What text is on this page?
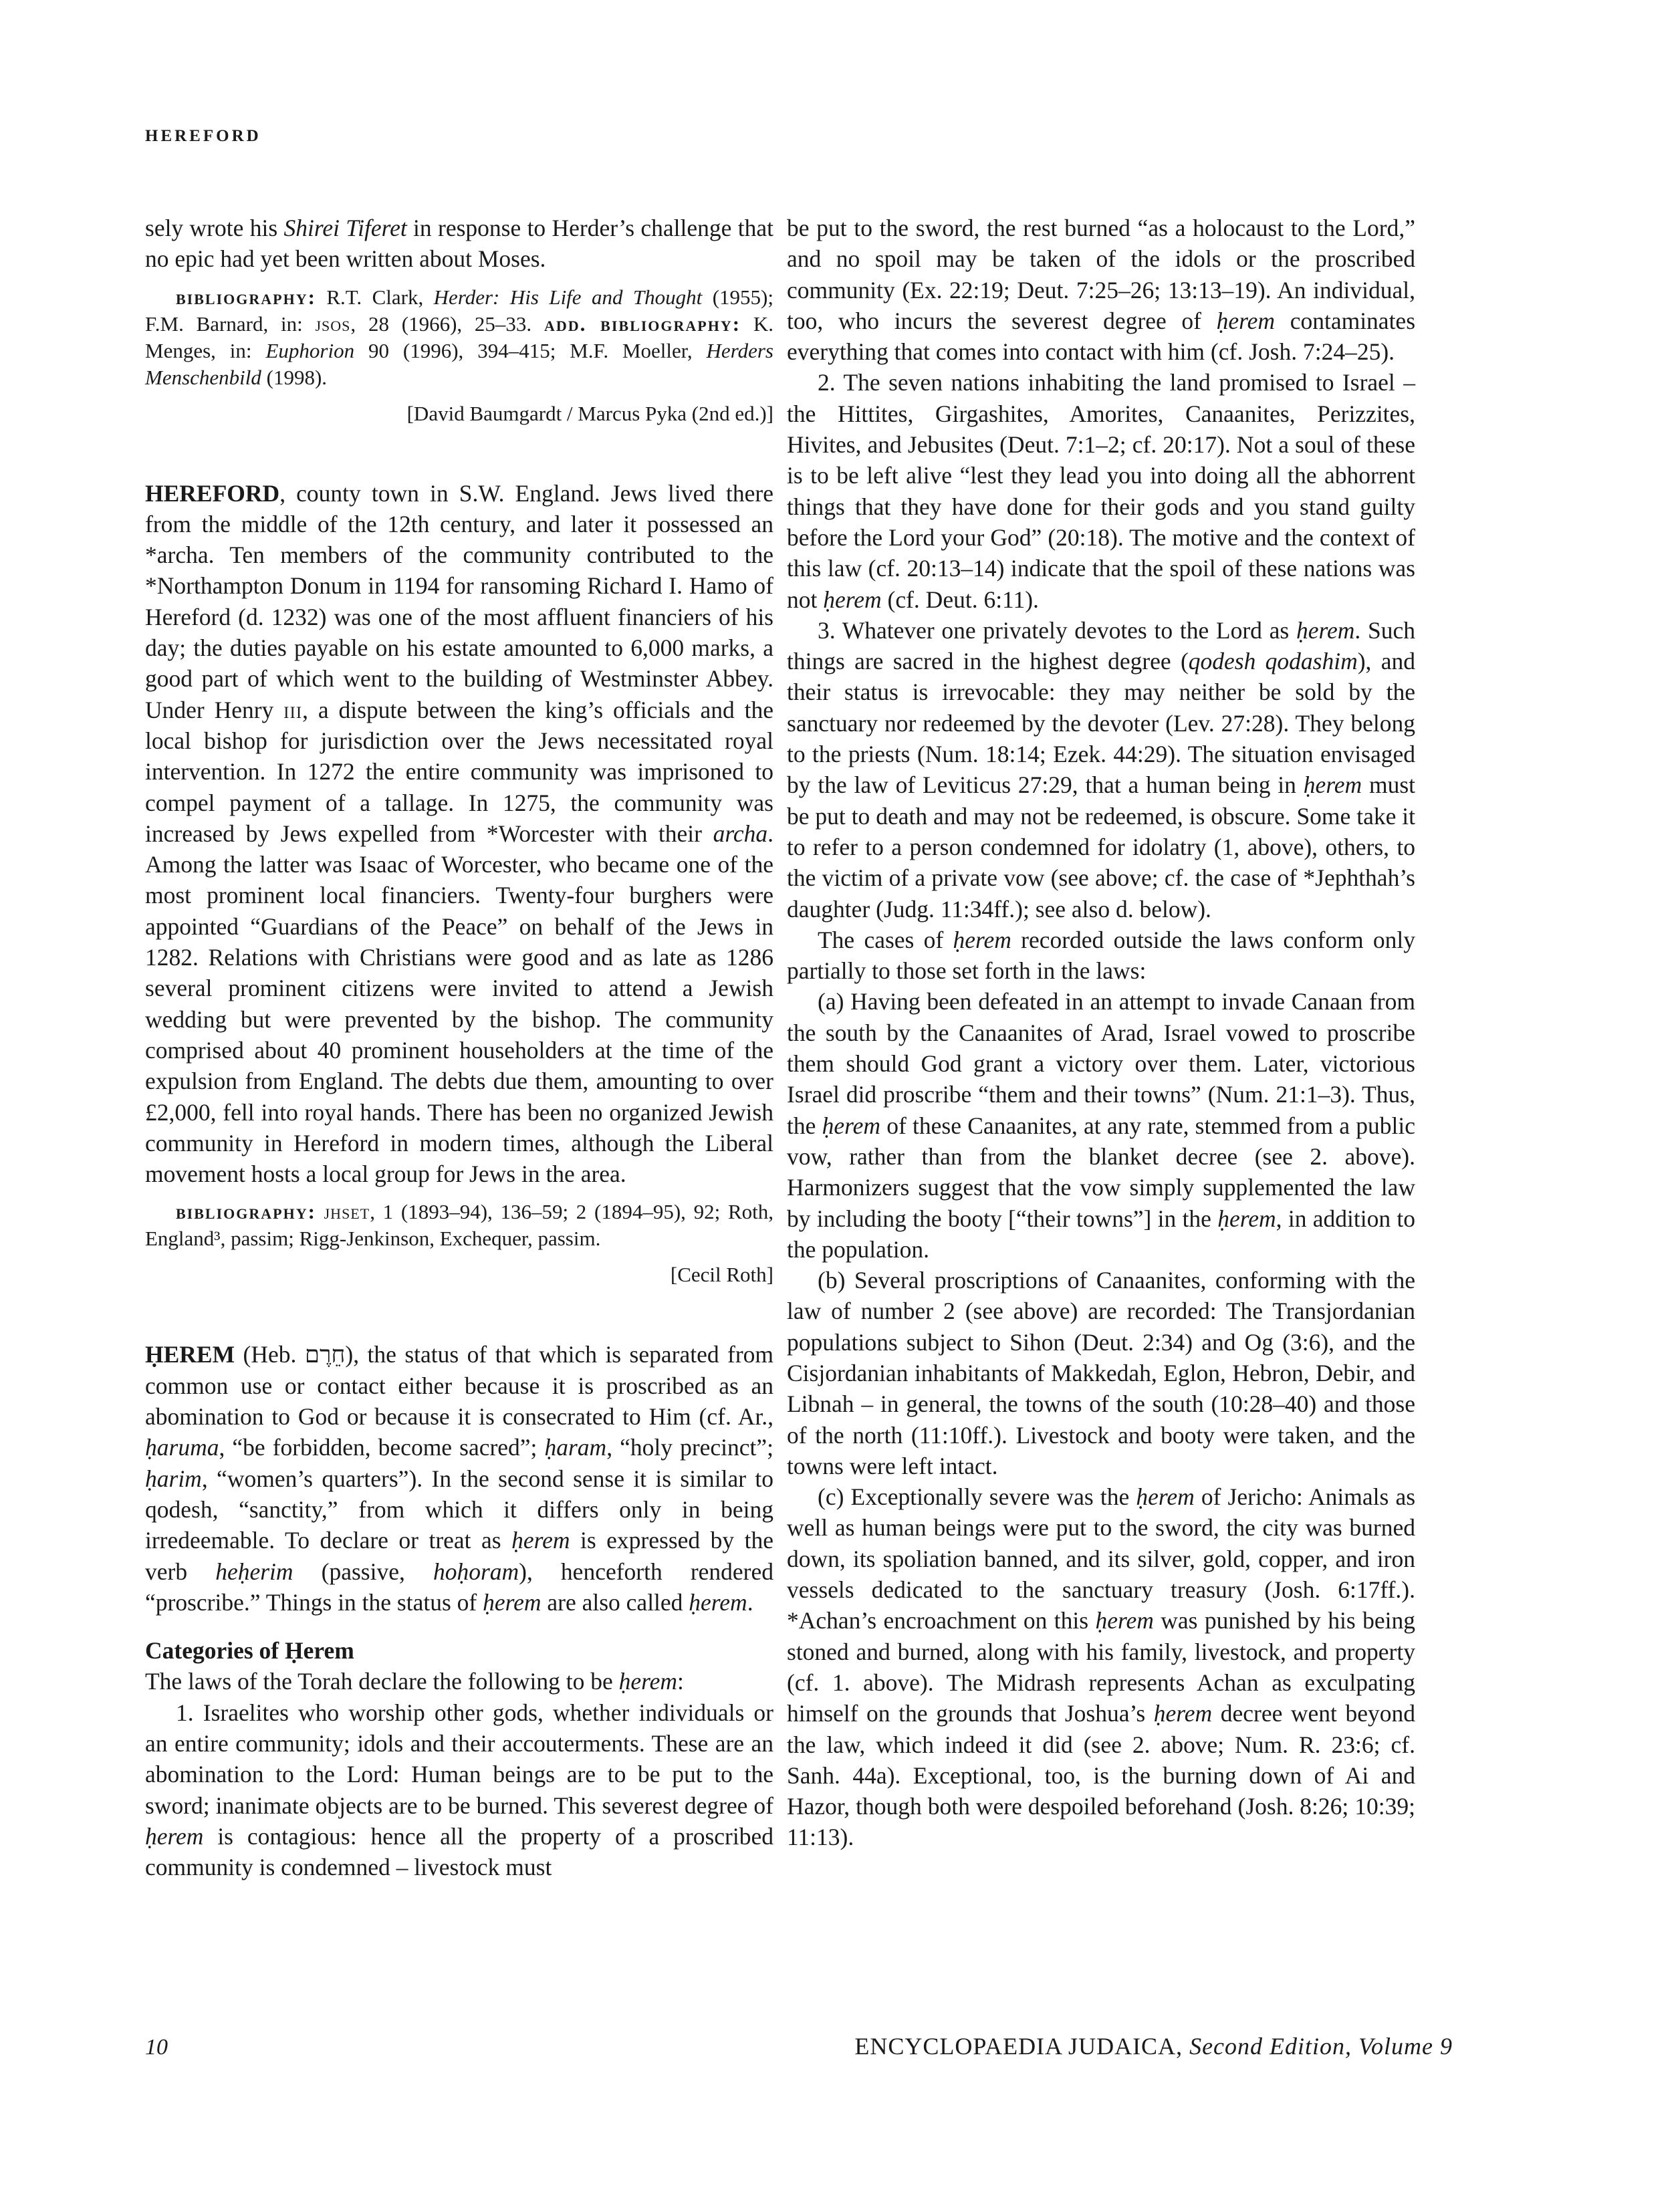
HEREFORD

sely wrote his Shirei Tiferet in response to Herder’s challenge that no epic had yet been written about Moses.

bibliography: R.T. Clark, Herder: His Life and Thought (1955); F.M. Barnard, in: jsos, 28 (1966), 25–33. add. bibliography: K. Menges, in: Euphorion 90 (1996), 394–415; M.F. Moeller, Herders Menschenbild (1998).

[David Baumgardt / Marcus Pyka (2nd ed.)]

HEREFORD, county town in S.W. England. Jews lived there from the middle of the 12th century, and later it possessed an *archa. Ten members of the community contributed to the *Northampton Donum in 1194 for ransoming Richard I. Hamo of Hereford (d. 1232) was one of the most affluent financiers of his day; the duties payable on his estate amounted to 6,000 marks, a good part of which went to the building of Westminster Abbey. Under Henry iii, a dispute between the king’s officials and the local bishop for jurisdiction over the Jews necessitated royal intervention. In 1272 the entire community was imprisoned to compel payment of a tallage. In 1275, the community was increased by Jews expelled from *Worcester with their archa. Among the latter was Isaac of Worcester, who became one of the most prominent local financiers. Twenty-four burghers were appointed “Guardians of the Peace” on behalf of the Jews in 1282. Relations with Christians were good and as late as 1286 several prominent citizens were invited to attend a Jewish wedding but were prevented by the bishop. The community comprised about 40 prominent householders at the time of the expulsion from England. The debts due them, amounting to over £2,000, fell into royal hands. There has been no organized Jewish community in Hereford in modern times, although the Liberal movement hosts a local group for Jews in the area.

bibliography: jhset, 1 (1893–94), 136–59; 2 (1894–95), 92; Roth, England³, passim; Rigg-Jenkinson, Exchequer, passim.

[Cecil Roth]

ḤEREM (Heb. חֵרֶם), the status of that which is separated from common use or contact either because it is proscribed as an abomination to God or because it is consecrated to Him (cf. Ar., ḥaruma, “be forbidden, become sacred”; ḥaram, “holy precinct”; ḥarim, “women’s quarters”). In the second sense it is similar to qodesh, “sanctity,” from which it differs only in being irredeemable. To declare or treat as ḥerem is expressed by the verb heḥerim (passive, hoḥoram), henceforth rendered “proscribe.” Things in the status of ḥerem are also called ḥerem.

Categories of Ḥerem

The laws of the Torah declare the following to be ḥerem:

1. Israelites who worship other gods, whether individuals or an entire community; idols and their accouterments. These are an abomination to the Lord: Human beings are to be put to the sword; inanimate objects are to be burned. This severest degree of ḥerem is contagious: hence all the property of a proscribed community is condemned – livestock must

be put to the sword, the rest burned “as a holocaust to the Lord,” and no spoil may be taken of the idols or the proscribed community (Ex. 22:19; Deut. 7:25–26; 13:13–19). An individual, too, who incurs the severest degree of ḥerem contaminates everything that comes into contact with him (cf. Josh. 7:24–25).

2. The seven nations inhabiting the land promised to Israel – the Hittites, Girgashites, Amorites, Canaanites, Perizzites, Hivites, and Jebusites (Deut. 7:1–2; cf. 20:17). Not a soul of these is to be left alive “lest they lead you into doing all the abhorrent things that they have done for their gods and you stand guilty before the Lord your God” (20:18). The motive and the context of this law (cf. 20:13–14) indicate that the spoil of these nations was not ḥerem (cf. Deut. 6:11).

3. Whatever one privately devotes to the Lord as ḥerem. Such things are sacred in the highest degree (qodesh qodashim), and their status is irrevocable: they may neither be sold by the sanctuary nor redeemed by the devoter (Lev. 27:28). They belong to the priests (Num. 18:14; Ezek. 44:29). The situation envisaged by the law of Leviticus 27:29, that a human being in ḥerem must be put to death and may not be redeemed, is obscure. Some take it to refer to a person condemned for idolatry (1, above), others, to the victim of a private vow (see above; cf. the case of *Jephthah’s daughter (Judg. 11:34ff.); see also d. below).

The cases of ḥerem recorded outside the laws conform only partially to those set forth in the laws:

(a) Having been defeated in an attempt to invade Canaan from the south by the Canaanites of Arad, Israel vowed to proscribe them should God grant a victory over them. Later, victorious Israel did proscribe “them and their towns” (Num. 21:1–3). Thus, the ḥerem of these Canaanites, at any rate, stemmed from a public vow, rather than from the blanket decree (see 2. above). Harmonizers suggest that the vow simply supplemented the law by including the booty [“their towns”] in the ḥerem, in addition to the population.

(b) Several proscriptions of Canaanites, conforming with the law of number 2 (see above) are recorded: The Transjordanian populations subject to Sihon (Deut. 2:34) and Og (3:6), and the Cisjordanian inhabitants of Makkedah, Eglon, Hebron, Debir, and Libnah – in general, the towns of the south (10:28–40) and those of the north (11:10ff.). Livestock and booty were taken, and the towns were left intact.

(c) Exceptionally severe was the ḥerem of Jericho: Animals as well as human beings were put to the sword, the city was burned down, its spoliation banned, and its silver, gold, copper, and iron vessels dedicated to the sanctuary treasury (Josh. 6:17ff.). *Achan’s encroachment on this ḥerem was punished by his being stoned and burned, along with his family, livestock, and property (cf. 1. above). The Midrash represents Achan as exculpating himself on the grounds that Joshua’s ḥerem decree went beyond the law, which indeed it did (see 2. above; Num. R. 23:6; cf. Sanh. 44a). Exceptional, too, is the burning down of Ai and Hazor, though both were despoiled beforehand (Josh. 8:26; 10:39; 11:13).

10	ENCYCLOPAEDIA JUDAICA, Second Edition, Volume 9
